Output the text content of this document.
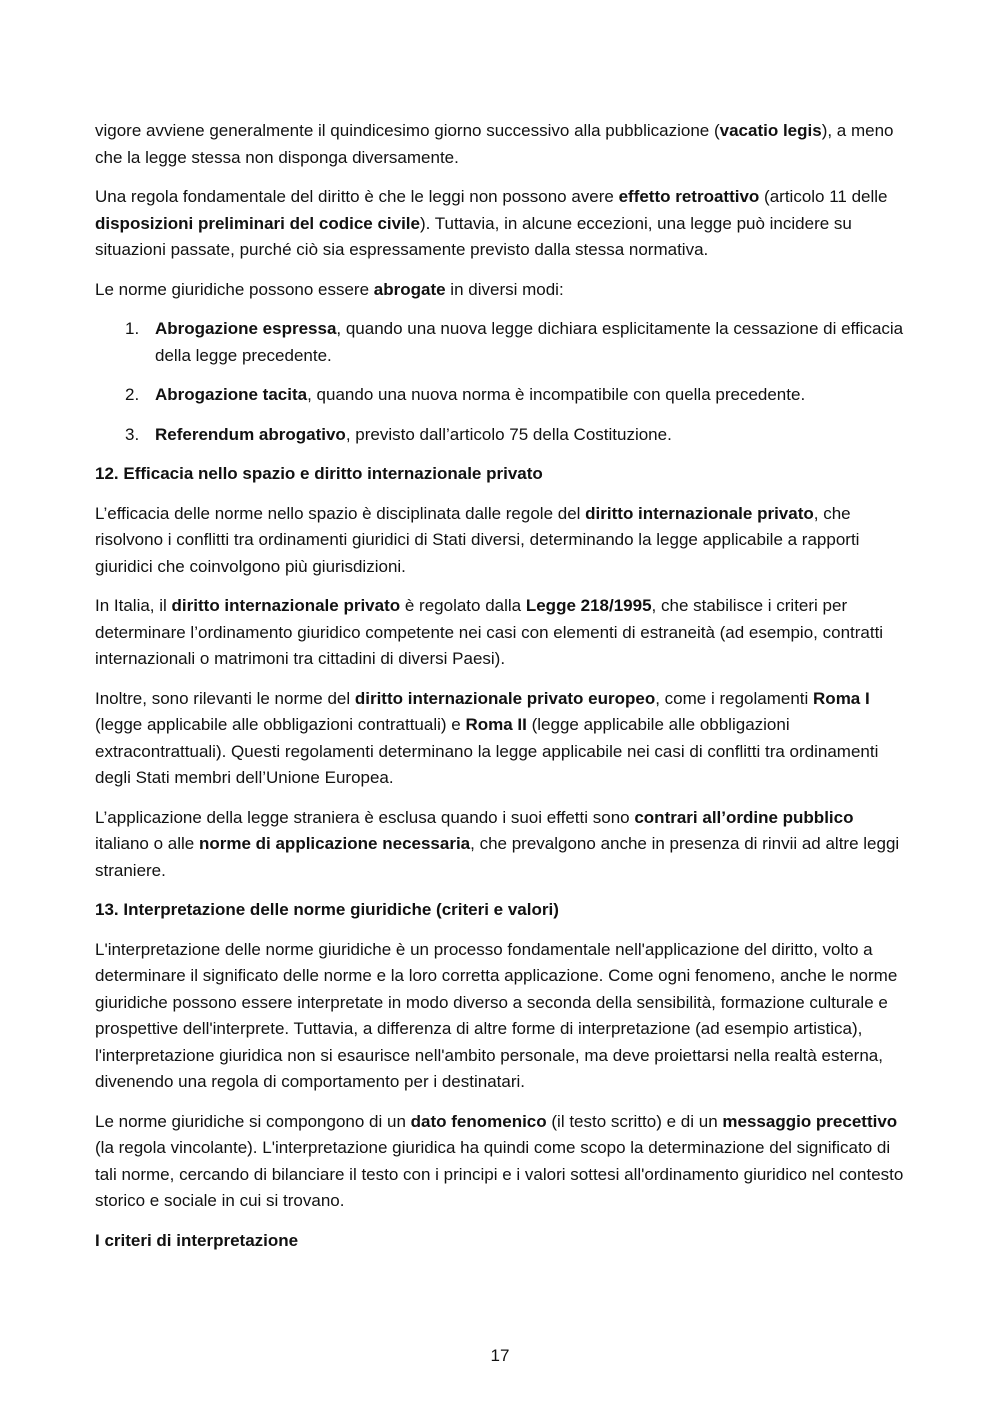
vigore avviene generalmente il quindicesimo giorno successivo alla pubblicazione (vacatio legis), a meno che la legge stessa non disponga diversamente.

Una regola fondamentale del diritto è che le leggi non possono avere effetto retroattivo (articolo 11 delle disposizioni preliminari del codice civile). Tuttavia, in alcune eccezioni, una legge può incidere su situazioni passate, purché ciò sia espressamente previsto dalla stessa normativa.

Le norme giuridiche possono essere abrogate in diversi modi:

1. Abrogazione espressa, quando una nuova legge dichiara esplicitamente la cessazione di efficacia della legge precedente.
2. Abrogazione tacita, quando una nuova norma è incompatibile con quella precedente.
3. Referendum abrogativo, previsto dall’articolo 75 della Costituzione.
12. Efficacia nello spazio e diritto internazionale privato

L’efficacia delle norme nello spazio è disciplinata dalle regole del diritto internazionale privato, che risolvono i conflitti tra ordinamenti giuridici di Stati diversi, determinando la legge applicabile a rapporti giuridici che coinvolgono più giurisdizioni.

In Italia, il diritto internazionale privato è regolato dalla Legge 218/1995, che stabilisce i criteri per determinare l’ordinamento giuridico competente nei casi con elementi di estraneità (ad esempio, contratti internazionali o matrimoni tra cittadini di diversi Paesi).

Inoltre, sono rilevanti le norme del diritto internazionale privato europeo, come i regolamenti Roma I (legge applicabile alle obbligazioni contrattuali) e Roma II (legge applicabile alle obbligazioni extracontrattuali). Questi regolamenti determinano la legge applicabile nei casi di conflitti tra ordinamenti degli Stati membri dell’Unione Europea.

L’applicazione della legge straniera è esclusa quando i suoi effetti sono contrari all’ordine pubblico italiano o alle norme di applicazione necessaria, che prevalgono anche in presenza di rinvii ad altre leggi straniere.

13. Interpretazione delle norme giuridiche (criteri e valori)

L'interpretazione delle norme giuridiche è un processo fondamentale nell'applicazione del diritto, volto a determinare il significato delle norme e la loro corretta applicazione. Come ogni fenomeno, anche le norme giuridiche possono essere interpretate in modo diverso a seconda della sensibilità, formazione culturale e prospettive dell'interprete. Tuttavia, a differenza di altre forme di interpretazione (ad esempio artistica), l'interpretazione giuridica non si esaurisce nell'ambito personale, ma deve proiettarsi nella realtà esterna, divenendo una regola di comportamento per i destinatari.

Le norme giuridiche si compongono di un dato fenomenico (il testo scritto) e di un messaggio precettivo (la regola vincolante). L'interpretazione giuridica ha quindi come scopo la determinazione del significato di tali norme, cercando di bilanciare il testo con i principi e i valori sottesi all'ordinamento giuridico nel contesto storico e sociale in cui si trovano.

I criteri di interpretazione
17
